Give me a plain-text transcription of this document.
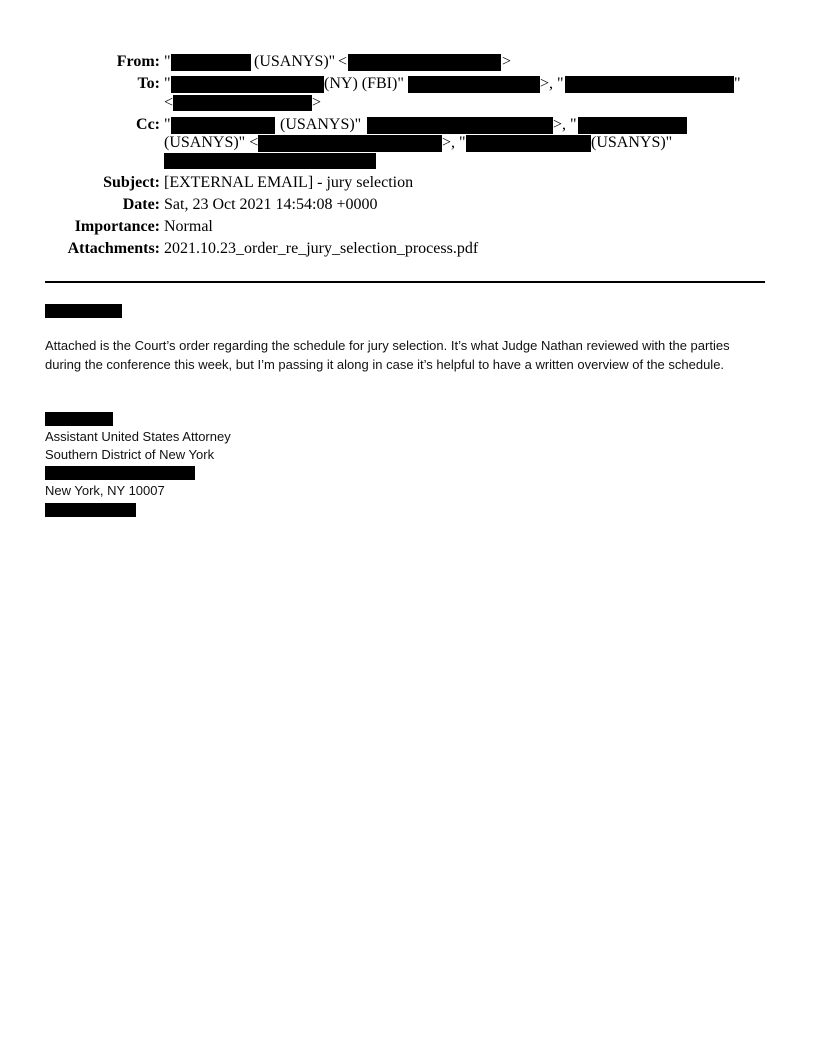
From: "	(USANYS)" <	>
To: "	(NY) (FBI)"	>, "	"
<	>
Cc: "	(USANYS)"	>, "
(USANYS)" <	>, "	(USANYS)"
Subject: [EXTERNAL EMAIL] - jury selection
Date: Sat, 23 Oct 2021 14:54:08 +0000
Importance: Normal
Attachments: 2021.10.23_order_re_jury_selection_process.pdf
Attached is the Court’s order regarding the schedule for jury selection. It’s what Judge Nathan reviewed with the parties
during the conference this week, but I’m passing it along in case it’s helpful to have a written overview of the schedule.
Assistant United States Attorney
Southern District of New York
New York, NY 10007
